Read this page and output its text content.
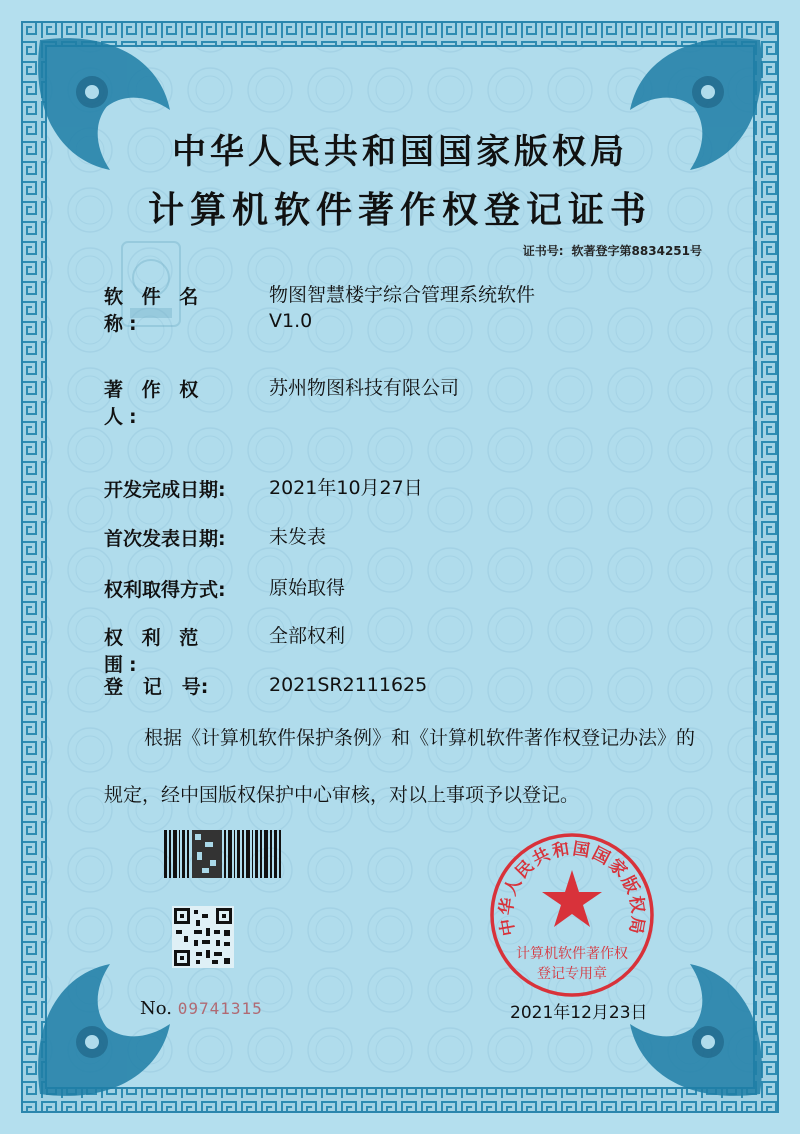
中华人民共和国国家版权局
计算机软件著作权登记证书
证书号: 软著登字第8834251号
软 件 名 称:
物图智慧楼宇综合管理系统软件
V1.0
著 作 权 人:
苏州物图科技有限公司
开发完成日期:	2021年10月27日
首次发表日期:	未发表
权利取得方式:	原始取得
权 利 范 围:
全部权利
登   记   号:	2021SR2111625
根据《计算机软件保护条例》和《计算机软件著作权登记办法》的规定，经中国版权保护中心审核，对以上事项予以登记。
中华人民共和国国家版权局
计算机软件著作权
登记专用章
No. 09741315	2021年12月23日
